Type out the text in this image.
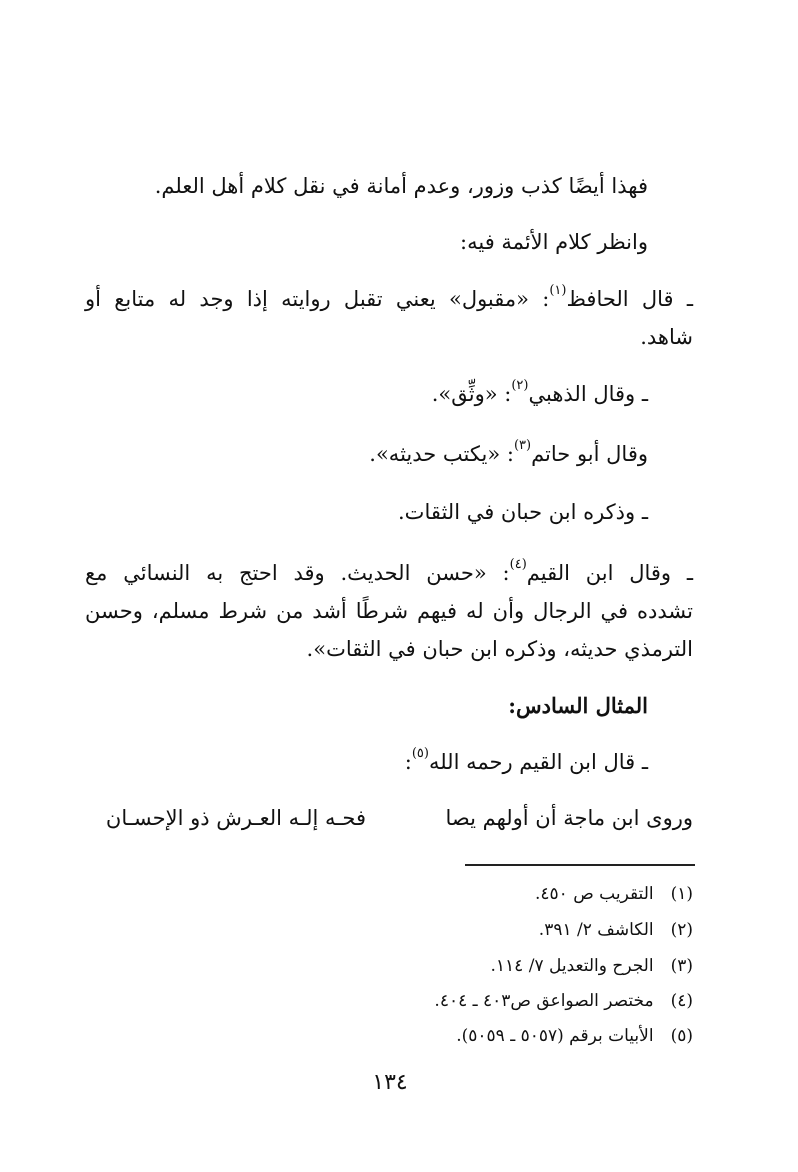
فهذا أيضًا كذب وزور، وعدم أمانة في نقل كلام أهل العلم.

وانظر كلام الأئمة فيه:

ـ قال الحافظ$^{(١)}$: «مقبول» يعني تقبل روايته إذا وجد له متابع أو

شاهد.

ـ وقال الذهبي$^{(٢)}$: «وثِّق».

وقال أبو حاتم$^{(٣)}$: «يكتب حديثه».

ـ وذكره ابن حبان في الثقات.

ـ وقال ابن القيم$^{(٤)}$: «حسن الحديث. وقد احتج به النسائي مع

تشدده في الرجال وأن له فيهم شرطًا أشد من شرط مسلم، وحسن

الترمذي حديثه، وذكره ابن حبان في الثقات».

المثال السادس:

ـ قال ابن القيم رحمه الله$^{(٥)}$:

وروى ابن ماجة أن أولهم يصا
فحـه إلـه العـرش ذو الإحسـان
(١) التقريب ص ٤٥٠.
(٢) الكاشف ٢/ ٣٩١.
(٣) الجرح والتعديل ٧/ ١١٤.
(٤) مختصر الصواعق ص٤٠٣ ـ ٤٠٤.
(٥) الأبيات برقم (٥٠٥٧ ـ ٥٠٥٩).
١٣٤
